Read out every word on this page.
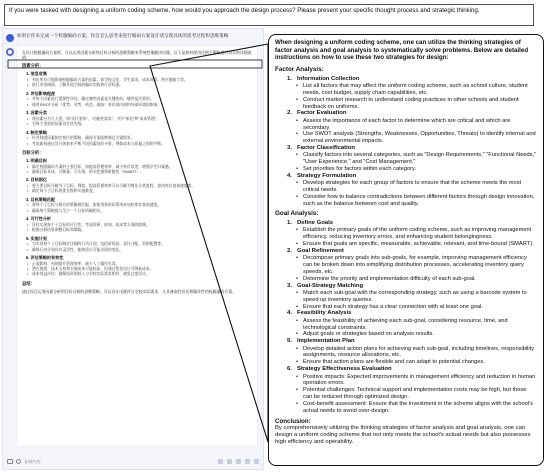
If you were tasked with designing a uniform coding scheme, how would you approach the design process? Please present your specific thought process and strategic thinking.
如果让你来完成一个校服编码方案，你会怎么思考来进行编码方案设计请呈现具体的思考过程和思维策略
在设计校服编码方案时，可以运用因素分析和目标分析的思维策略来系统性地解决问题。以下是如何使用这两个策略进行设计的详细说明：
因素分析：
1. 信息收集
• 列出所有可能影响校服编码方案的因素，如学校文化、学生需求、成本预算、供应链能力等。
• 进行市场调研，了解其他学校的编码实践和行业标准。
2. 评估影响程度
• 对每个因素进行重要性评估，确定哪些因素是关键性的，哪些是次要的。
• 使用SWOT分析（优势、劣势、机会、威胁）来识别内部和外部环境的影响。
3. 因素分类
• 将因素分为几大类，如“设计要求”、“功能性需求”、“用户体验”和“成本管理”。
• 为每个类别的因素设定优先级。
4. 制定策略
• 针对每组因素制定相应的策略，确保方案能够满足关键需求。
• 考虑如何通过设计创新来平衡不同因素间的矛盾，例如成本与质量之间的平衡。
目标分析：
1. 明确目标
• 确定校服编码方案的主要目标，如提高管理效率、减少库存误差、增强学生归属感。
• 确保目标具体、可衡量、可实现、相关性强和时限性（SMART）。
2. 目标细化
• 将主要目标分解为子目标。例如，提高管理效率可以分解为简化分类流程、加快库存查询速度等。
• 确定每个子目标的优先级和实施难度。
3. 目标策略匹配
• 将每个子目标与相应的策略相匹配，如使用条形码系统来加快库存查询速度。
• 确保每个策略都与至少一个目标明确相关。
4. 可行性分析
• 评估实现每个子目标的可行性，考虑资源、时间、技术等方面的限制。
• 根据分析结果调整目标和策略。
5. 实施计划
• 为实现每个子目标制定详细的行动计划，包括时间表、责任分配、资源配置等。
• 确保行动计划具有灵活性，能够适应可能出现的变化。
6. 评估策略的有效性
• 正面影响：预期提升管理效率，减少人工操作失误。
• 潜在挑战：技术支持和实施成本可能较高，但通过优化设计可降低成本。
• 成本效益评估：确保投资的投入与学校实际需求相符，避免过度设计。
总结：
通过综合运用因素分析和目标分析的思维策略，可以设计出既符合学校实际需求，又具备高性价比和操作性的校服编码方案。
复制内容
When designing a uniform coding scheme, one can utilize the thinking strategies of factor analysis and goal analysis to systematically solve problems. Below are detailed instructions on how to use these two strategies for design:
Factor Analysis:
1. Information Collection
• List all factors that may affect the uniform coding scheme, such as school culture, student needs, cost budget, supply chain capabilities, etc.
• Conduct market research to understand coding practices in other schools and student feedback on uniforms.
2. Factor Evaluation
• Assess the importance of each factor to determine which are critical and which are secondary.
• Use SWOT analysis (Strengths, Weaknesses, Opportunities, Threats) to identify internal and external environmental impacts.
3. Factor Classification
• Classify factors into several categories, such as "Design Requirements," "Functional Needs," "User Experience," and "Cost Management."
• Set priorities for factors within each category.
4. Strategy Formulation
• Develop strategies for each group of factors to ensure that the scheme meets the most critical needs.
• Consider how to balance contradictions between different factors through design innovation, such as the balance between cost and quality.
Goal Analysis:
1. Define Goals
• Establish the primary goals of the uniform coding scheme, such as improving management efficiency, reducing inventory errors, and enhancing student belongingness.
• Ensure that goals are specific, measurable, achievable, relevant, and time-bound (SMART).
2. Goal Refinement
• Decompose primary goals into sub-goals, for example, improving management efficiency can be broken down into simplifying distribution processes, accelerating inventory query speeds, etc.
• Determine the priority and implementation difficulty of each sub-goal.
3. Goal-Strategy Matching
• Match each sub-goal with the corresponding strategy, such as using a barcode system to speed up inventory queries.
• Ensure that each strategy has a clear connection with at least one goal.
4. Feasibility Analysis
• Assess the feasibility of achieving each sub-goal, considering resource, time, and technological constraints.
• Adjust goals or strategies based on analysis results.
5. Implementation Plan
• Develop detailed action plans for achieving each sub-goal, including timelines, responsibility assignments, resource allocations, etc.
• Ensure that action plans are flexible and can adapt to potential changes.
6. Strategy Effectiveness Evaluation
• Positive impacts: Expected improvements in management efficiency and reduction in human operation errors.
• Potential challenges: Technical support and implementation costs may be high, but these can be reduced through optimized design.
• Cost-benefit assessment: Ensure that the investment in the scheme aligns with the school's actual needs to avoid over-design.
Conclusion:
By comprehensively utilizing the thinking strategies of factor analysis and goal analysis, one can design a uniform coding scheme that not only meets the school's actual needs but also possesses high efficiency and operability.
